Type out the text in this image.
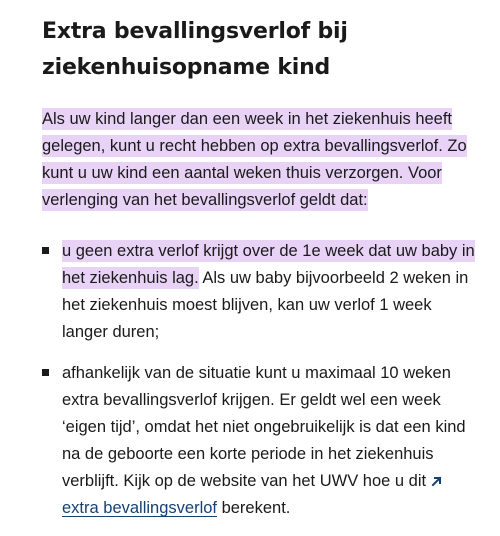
Extra bevallingsverlof bij ziekenhuisopname kind

Als uw kind langer dan een week in het ziekenhuis heeft gelegen, kunt u recht hebben op extra bevallingsverlof. Zo kunt u uw kind een aantal weken thuis verzorgen. Voor verlenging van het bevallingsverlof geldt dat:

u geen extra verlof krijgt over de 1e week dat uw baby in het ziekenhuis lag. Als uw baby bijvoorbeeld 2 weken in het ziekenhuis moest blijven, kan uw verlof 1 week langer duren;
afhankelijk van de situatie kunt u maximaal 10 weken extra bevallingsverlof krijgen. Er geldt wel een week ‘eigen tijd’, omdat het niet ongebruikelijk is dat een kind na de geboorte een korte periode in het ziekenhuis verblijft. Kijk op de website van het UWV hoe u dit extra bevallingsverlof berekent.
